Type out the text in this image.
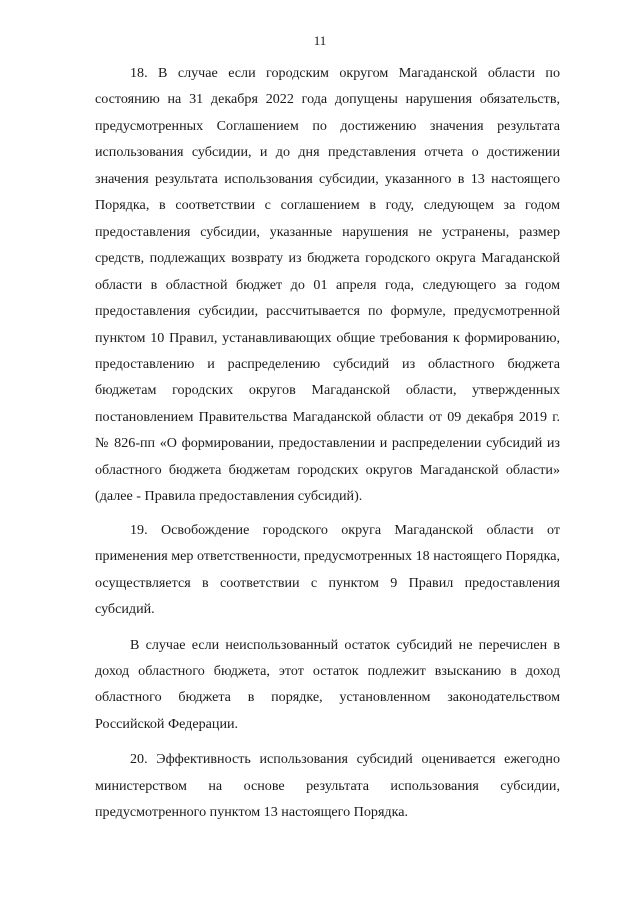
11

18. В случае если городским округом Магаданской области по состоянию на 31 декабря 2022 года допущены нарушения обязательств, предусмотренных Соглашением по достижению значения результата использования субсидии, и до дня представления отчета о достижении значения результата использования субсидии, указанного в 13 настоящего Порядка, в соответствии с соглашением в году, следующем за годом предоставления субсидии, указанные нарушения не устранены, размер средств, подлежащих возврату из бюджета городского округа Магаданской области в областной бюджет до 01 апреля года, следующего за годом предоставления субсидии, рассчитывается по формуле, предусмотренной пунктом 10 Правил, устанавливающих общие требования к формированию, предоставлению и распределению субсидий из областного бюджета бюджетам городских округов Магаданской области, утвержденных постановлением Правительства Магаданской области от 09 декабря 2019 г. № 826-пп «О формировании, предоставлении и распределении субсидий из областного бюджета бюджетам городских округов Магаданской области» (далее - Правила предоставления субсидий).

19. Освобождение городского округа Магаданской области от применения мер ответственности, предусмотренных 18 настоящего Порядка, осуществляется в соответствии с пунктом 9 Правил предоставления субсидий.

В случае если неиспользованный остаток субсидий не перечислен в доход областного бюджета, этот остаток подлежит взысканию в доход областного бюджета в порядке, установленном законодательством Российской Федерации.

20. Эффективность использования субсидий оценивается ежегодно министерством на основе результата использования субсидии, предусмотренного пунктом 13 настоящего Порядка.
